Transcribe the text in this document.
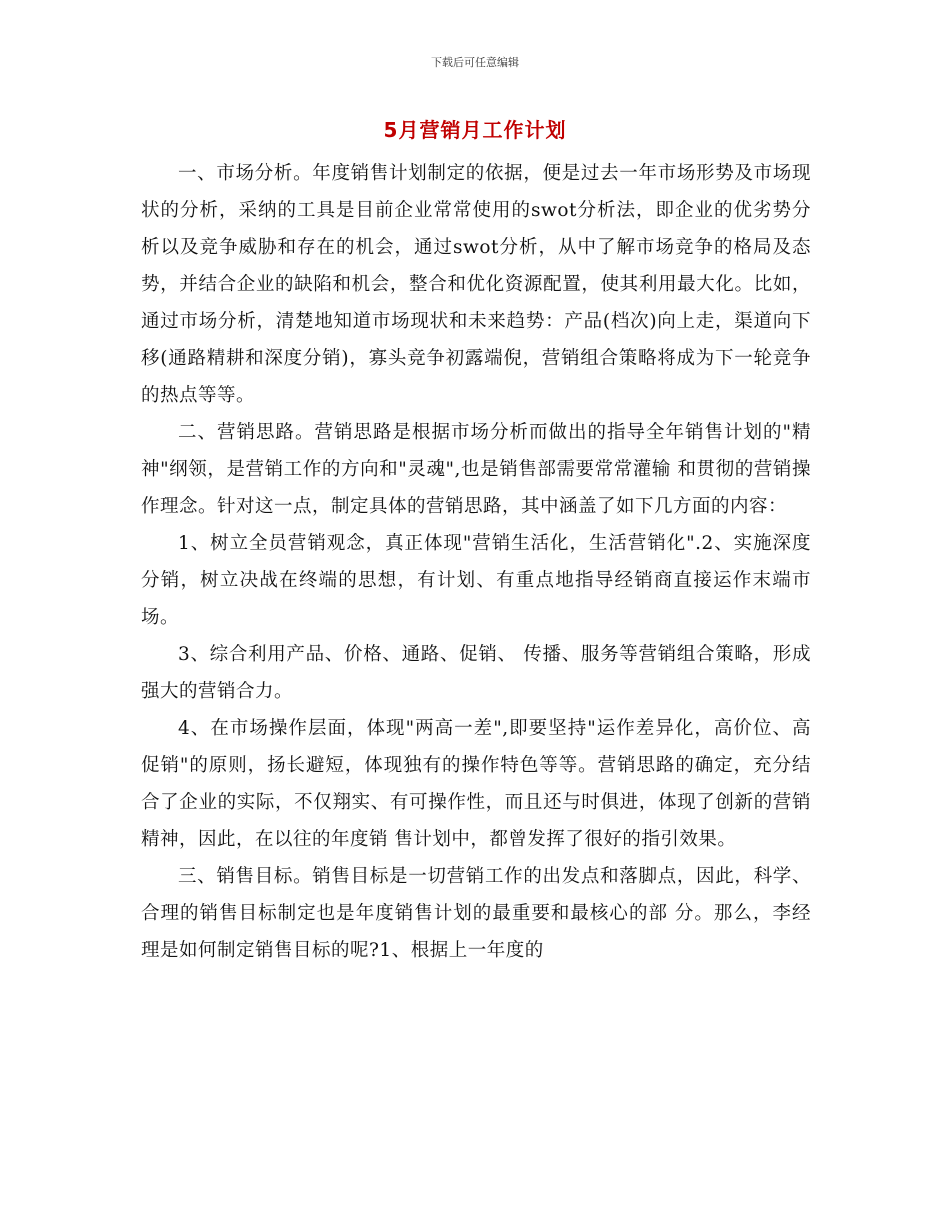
下载后可任意编辑
5月营销月工作计划

一、市场分析。年度销售计划制定的依据，便是过去一年市场形势及市场现状的分析，采纳的工具是目前企业常常使用的swot分析法，即企业的优劣势分析以及竞争威胁和存在的机会，通过swot分析，从中了解市场竞争的格局及态势，并结合企业的缺陷和机会，整合和优化资源配置，使其利用最大化。比如，通过市场分析，清楚地知道市场现状和未来趋势：产品(档次)向上走，渠道向下移(通路精耕和深度分销)，寡头竞争初露端倪，营销组合策略将成为下一轮竞争的热点等等。

二、营销思路。营销思路是根据市场分析而做出的指导全年销售计划的"精神"纲领，是营销工作的方向和"灵魂",也是销售部需要常常灌输 和贯彻的营销操作理念。针对这一点，制定具体的营销思路，其中涵盖了如下几方面的内容：

1、树立全员营销观念，真正体现"营销生活化，生活营销化".2、实施深度分销，树立决战在终端的思想，有计划、有重点地指导经销商直接运作末端市场。

3、综合利用产品、价格、通路、促销、 传播、服务等营销组合策略，形成强大的营销合力。

4、在市场操作层面，体现"两高一差",即要坚持"运作差异化，高价位、高促销"的原则，扬长避短，体现独有的操作特色等等。营销思路的确定，充分结合了企业的实际，不仅翔实、有可操作性，而且还与时俱进，体现了创新的营销精神，因此，在以往的年度销 售计划中，都曾发挥了很好的指引效果。

三、销售目标。销售目标是一切营销工作的出发点和落脚点，因此，科学、合理的销售目标制定也是年度销售计划的最重要和最核心的部 分。那么，李经理是如何制定销售目标的呢?1、根据上一年度的
